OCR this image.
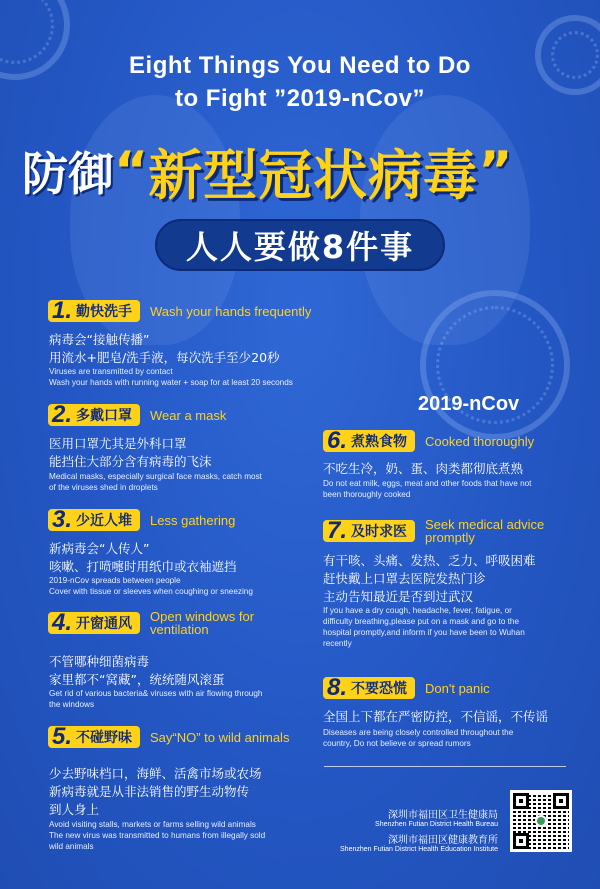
Eight Things You Need to Do
to Fight ”2019-nCov”
防御 “ 新型冠状病毒 ”
人人要做8件事
1. 勤快洗手 Wash your hands frequently
病毒会“接触传播”
用流水+肥皂/洗手液，每次洗手至少20秒
Viruses are transmitted by contact
Wash your hands with running water + soap for at least 20 seconds
2. 多戴口罩 Wear a mask
医用口罩尤其是外科口罩
能挡住大部分含有病毒的飞沫
Medical masks, especially surgical face masks, catch most
of the viruses shed in droplets
3. 少近人堆 Less gathering
新病毒会“人传人”
咳嗽、打喷嚏时用纸巾或衣袖遮挡
2019-nCov spreads between people
Cover with tissue or sleeves when coughing or sneezing
4. 开窗通风 Open windows for
ventilation
不管哪种细菌病毒
家里都不“窝藏”，统统随风滚蛋
Get rid of various bacteria& viruses with air flowing through
the windows
5. 不碰野味 Say“NO” to wild animals
少去野味档口，海鲜、活禽市场或农场
新病毒就是从非法销售的野生动物传
到人身上
Avoid visiting stalls, markets or farms selling wild animals
The new virus was transmitted to humans from illegally sold
wild animals
2019-nCov
6. 煮熟食物 Cooked thoroughly
不吃生冷，奶、蛋、肉类都彻底煮熟
Do not eat milk, eggs, meat and other foods that have not
been thoroughly cooked
7. 及时求医 Seek medical advice
promptly
有干咳、头痛、发热、乏力、呼吸困难
赶快戴上口罩去医院发热门诊
主动告知最近是否到过武汉
If you have a dry cough, headache, fever, fatigue, or
difficulty breathing,please put on a mask and go to the
hospital promptly,and inform if you have been to Wuhan
recently
8. 不要恐慌 Don't panic
全国上下都在严密防控，不信谣，不传谣
Diseases are being closely controlled throughout the
country, Do not believe or spread rumors
深圳市福田区卫生健康局
Shenzhen Futian District Health Bureau
深圳市福田区健康教育所
Shenzhen Futian District Health Education Institute
